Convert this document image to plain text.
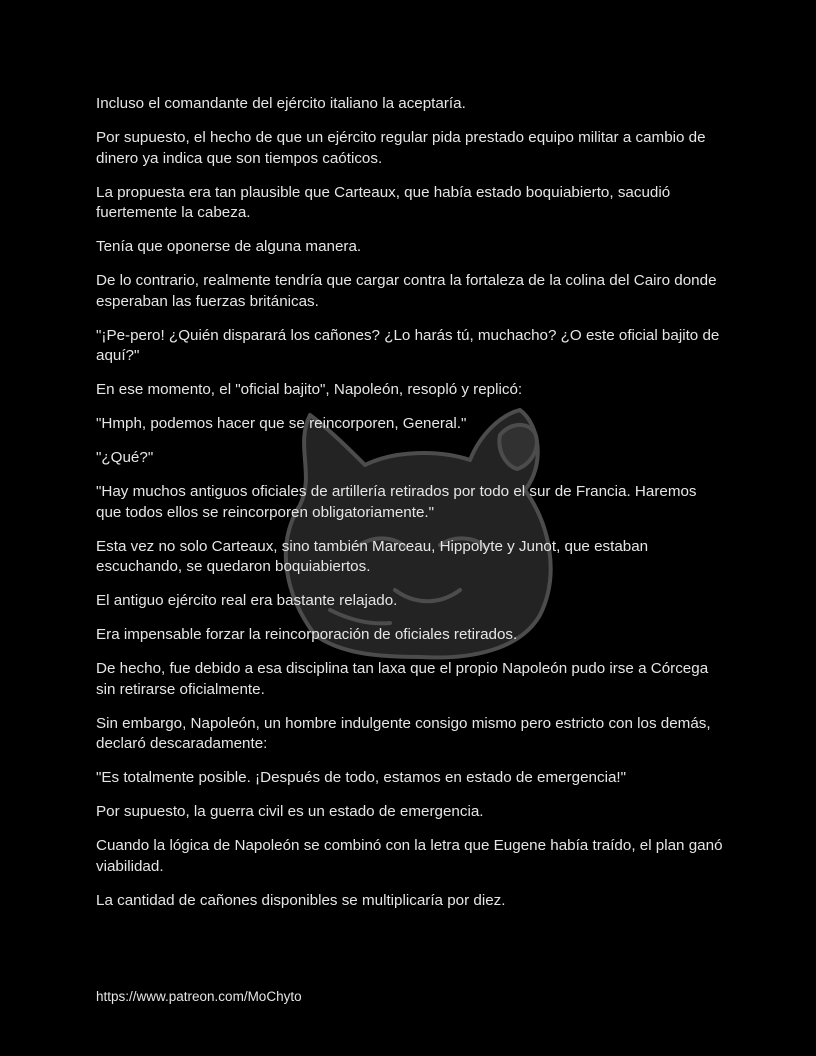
Incluso el comandante del ejército italiano la aceptaría.

Por supuesto, el hecho de que un ejército regular pida prestado equipo militar a cambio de dinero ya indica que son tiempos caóticos.

La propuesta era tan plausible que Carteaux, que había estado boquiabierto, sacudió fuertemente la cabeza.

Tenía que oponerse de alguna manera.

De lo contrario, realmente tendría que cargar contra la fortaleza de la colina del Cairo donde esperaban las fuerzas británicas.

"¡Pe-pero! ¿Quién disparará los cañones? ¿Lo harás tú, muchacho? ¿O este oficial bajito de aquí?"

En ese momento, el "oficial bajito", Napoleón, resopló y replicó:

"Hmph, podemos hacer que se reincorporen, General."

"¿Qué?"

"Hay muchos antiguos oficiales de artillería retirados por todo el sur de Francia. Haremos que todos ellos se reincorporen obligatoriamente."

Esta vez no solo Carteaux, sino también Marceau, Hippolyte y Junot, que estaban escuchando, se quedaron boquiabiertos.

El antiguo ejército real era bastante relajado.

Era impensable forzar la reincorporación de oficiales retirados.

De hecho, fue debido a esa disciplina tan laxa que el propio Napoleón pudo irse a Córcega sin retirarse oficialmente.

Sin embargo, Napoleón, un hombre indulgente consigo mismo pero estricto con los demás, declaró descaradamente:

"Es totalmente posible. ¡Después de todo, estamos en estado de emergencia!"

Por supuesto, la guerra civil es un estado de emergencia.

Cuando la lógica de Napoleón se combinó con la letra que Eugene había traído, el plan ganó viabilidad.

La cantidad de cañones disponibles se multiplicaría por diez.

https://www.patreon.com/MoChyto
